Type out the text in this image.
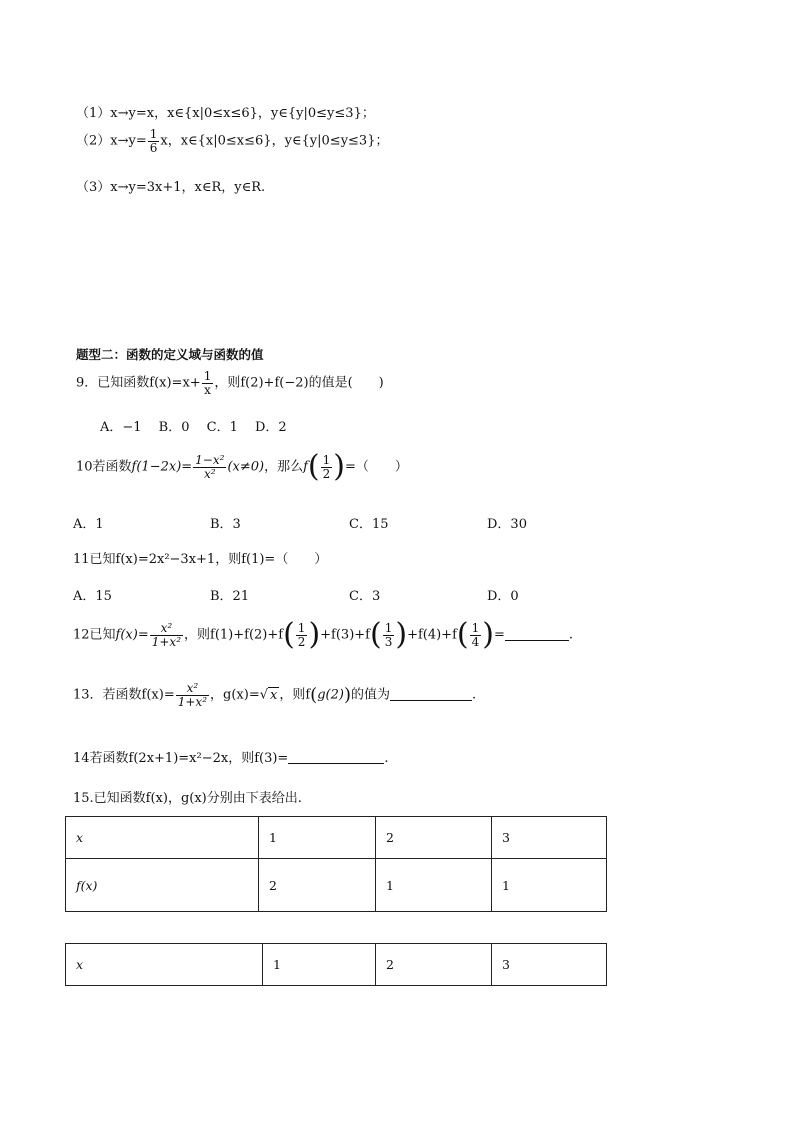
（1）x→y=x，x∈{x|0≤x≤6}，y∈{y|0≤y≤3}；
$(2)x\to y= \frac{1}{6}$ x，x∈{x|0≤x≤6}，y∈{y|0≤y≤3}；
（3）x→y=3x+1，x∈R，y∈R.
题型二：函数的定义域与函数的值
9．已知函数$f(x)=x+ \frac{1}{x}$ ，则f(2)+f(−2)的值是(　　)
A．−1　 B．0　 C．1　 D．2
10若函数$f(1-2x)= \frac{\text{1−x²}}{\text{x²}} (x\ne 0)$，那么$f( \frac{1}{2}$ )=（　　）
A．1	B．3	C．15	D．30
11已知f(x)=2x²−3x+1，则f(1)=（　　）
A．15	B．21	C．3	D．0
12已知$f(x)= \frac{\text{x²}}{\text{1+x²}}$ ，则$f(1)+f(2)+f( \frac{1}{2} )+f(3)+f( \frac{1}{3} )+f(4)+f( \frac{1}{4}$ )=	.
13．若函数$f(x)= \frac{\text{x²}}{\text{1+x²}}$ ，g(x)=√ x ，则f(g(2))的值为	.
14若函数f(2x+1)=x²−2x，则f(3)=	.
15.已知函数f(x)，g(x)分别由下表给出.
x	1	2	3
f(x)	2	1	1
x	1	2	3
